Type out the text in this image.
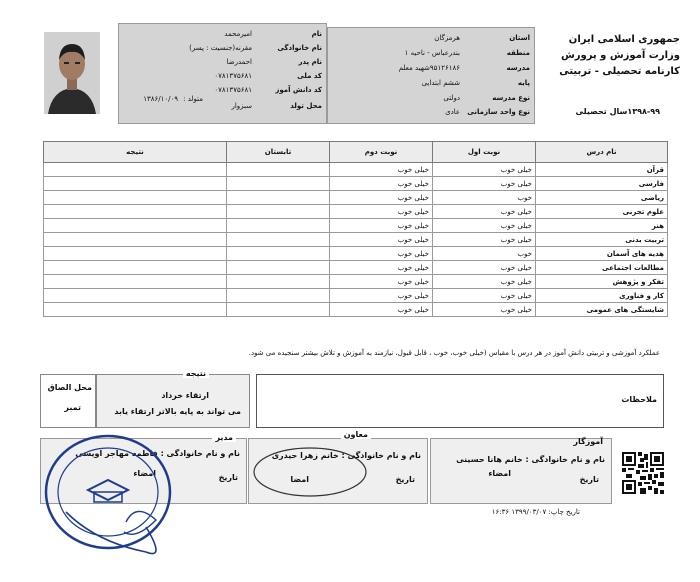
جمهوری اسلامی ایران
وزارت آموزش و پرورش
کارنامه تحصیلی - تربیتی
۱۳۹۸-۹۹سال تحصیلی
استان
هرمزگان
منطقه
بندرعباس - ناحیه ۱
مدرسه
۹۵۱۲۶۱۸۶شهید معلم
پایه
ششم ابتدایی
نوع مدرسه
دولتی
نوع واحد سازمانی
عادی
نام
امیرمحمد
نام خانوادگی
مقرنه(جنسیت : پسر)
نام پدر
احمدرضا
کد ملی
۰۷۸۱۳۷۵۶۸۱
کد دانش آموز
۰۷۸۱۳۷۵۶۸۱
متولد : ۱۳۸۶/۱۰/۰۹
محل تولد
سبزوار
نام درس	نوبت اول	نوبت دوم	تابستان	نتیجه
قرآن	خیلی خوب	خیلی خوب		
فارسی	خیلی خوب	خیلی خوب		
ریاضی	خوب	خیلی خوب		
علوم تجربی	خیلی خوب	خیلی خوب		
هنر	خیلی خوب	خیلی خوب		
تربیت بدنی	خیلی خوب	خیلی خوب		
هدیه های آسمان	خوب	خیلی خوب		
مطالعات اجتماعی	خیلی خوب	خیلی خوب		
تفکر و پژوهش	خیلی خوب	خیلی خوب		
کار و فناوری	خیلی خوب	خیلی خوب		
شایستگی های عمومی	خیلی خوب	خیلی خوب		
عملکرد آموزشی و تربیتی دانش آموز در هر درس با مقیاس (خیلی خوب، خوب ، قابل قبول، نیازمند به آموزش و تلاش بیشتر سنجیده می شود.
ملاحظات
نتیجه
ارتقاء خرداد
می تواند به پایه بالاتر ارتقاء یابد
محل الصاق
تمبر
آموزگار
نام و نام خانوادگی : خانم هانا حسینی
تاریخ
امضاء
معاون
نام و نام خانوادگی : خانم زهرا حیدری
تاریخ
امضا
مدیر
نام و نام خانوادگی : فاطمه مهاجر اویسی
تاریخ
امضاء
تاریخ چاپ: ۱۳۹۹/۰۳/۰۷ ۱۶:۳۶
